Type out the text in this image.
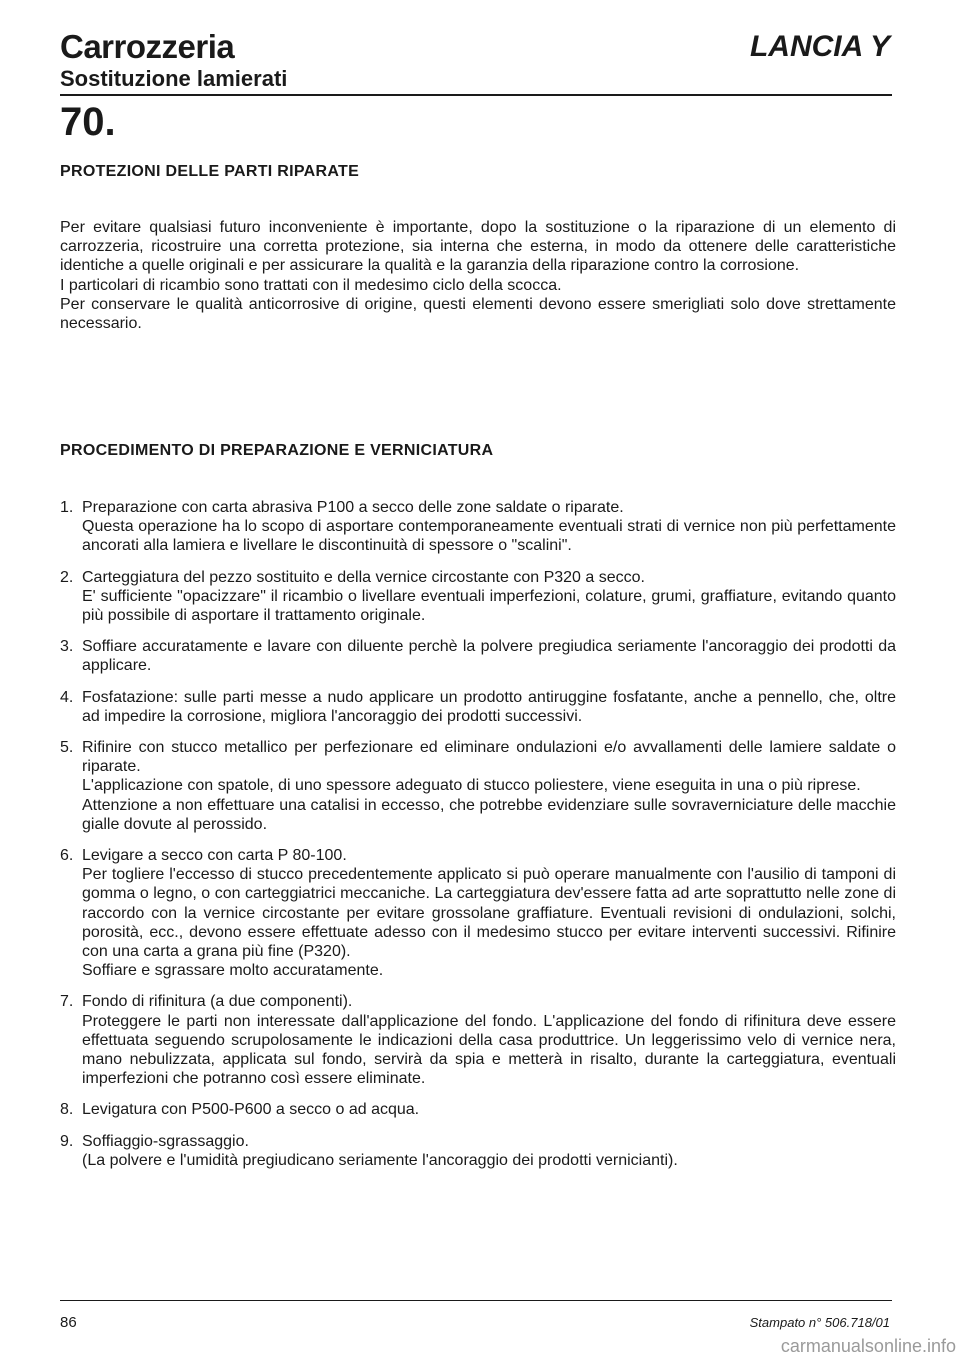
Carrozzeria
Sostituzione lamierati
LANCIA Y
70.
PROTEZIONI DELLE PARTI RIPARATE

Per evitare qualsiasi futuro inconveniente è importante, dopo la sostituzione o la riparazione di un elemento di carrozzeria, ricostruire una corretta protezione, sia interna che esterna, in modo da ottenere delle caratteristiche identiche a quelle originali e per assicurare la qualità e la garanzia della riparazione contro la corrosione.

I particolari di ricambio sono trattati con il medesimo ciclo della scocca.

Per conservare le qualità anticorrosive di origine, questi elementi devono essere smerigliati solo dove strettamente necessario.

PROCEDIMENTO DI PREPARAZIONE E VERNICIATURA
1. Preparazione con carta abrasiva P100 a secco delle zone saldate o riparate.

Questa operazione ha lo scopo di asportare contemporaneamente eventuali strati di vernice non più perfettamente ancorati alla lamiera e livellare le discontinuità di spessore o "scalini".

2. Carteggiatura del pezzo sostituito e della vernice circostante con P320 a secco.

E' sufficiente "opacizzare" il ricambio o livellare eventuali imperfezioni, colature, grumi, graffiature, evitando quanto più possibile di asportare il trattamento originale.

3. Soffiare accuratamente e lavare con diluente perchè la polvere pregiudica seriamente l'ancoraggio dei prodotti da applicare.

4. Fosfatazione: sulle parti messe a nudo applicare un prodotto antiruggine fosfatante, anche a pennello, che, oltre ad impedire la corrosione, migliora l'ancoraggio dei prodotti successivi.

5. Rifinire con stucco metallico per perfezionare ed eliminare ondulazioni e/o avvallamenti delle lamiere saldate o riparate.

L'applicazione con spatole, di uno spessore adeguato di stucco poliestere, viene eseguita in una o più riprese.

Attenzione a non effettuare una catalisi in eccesso, che potrebbe evidenziare sulle sovraverniciature delle macchie gialle dovute al perossido.

6. Levigare a secco con carta P 80-100.

Per togliere l'eccesso di stucco precedentemente applicato si può operare manualmente con l'ausilio di tamponi di gomma o legno, o con carteggiatrici meccaniche. La carteggiatura dev'essere fatta ad arte soprattutto nelle zone di raccordo con la vernice circostante per evitare grossolane graffiature. Eventuali revisioni di ondulazioni, solchi, porosità, ecc., devono essere effettuate adesso con il medesimo stucco per evitare interventi successivi. Rifinire con una carta a grana più fine (P320).

Soffiare e sgrassare molto accuratamente.

7. Fondo di rifinitura (a due componenti).

Proteggere le parti non interessate dall'applicazione del fondo. L'applicazione del fondo di rifinitura deve essere effettuata seguendo scrupolosamente le indicazioni della casa produttrice. Un leggerissimo velo di vernice nera, mano nebulizzata, applicata sul fondo, servirà da spia e metterà in risalto, durante la carteggiatura, eventuali imperfezioni che potranno così essere eliminate.

8. Levigatura con P500-P600 a secco o ad acqua.

9. Soffiaggio-sgrassaggio.

(La polvere e l'umidità pregiudicano seriamente l'ancoraggio dei prodotti vernicianti).

86	Stampato n° 506.718/01
carmanualsonline.info
